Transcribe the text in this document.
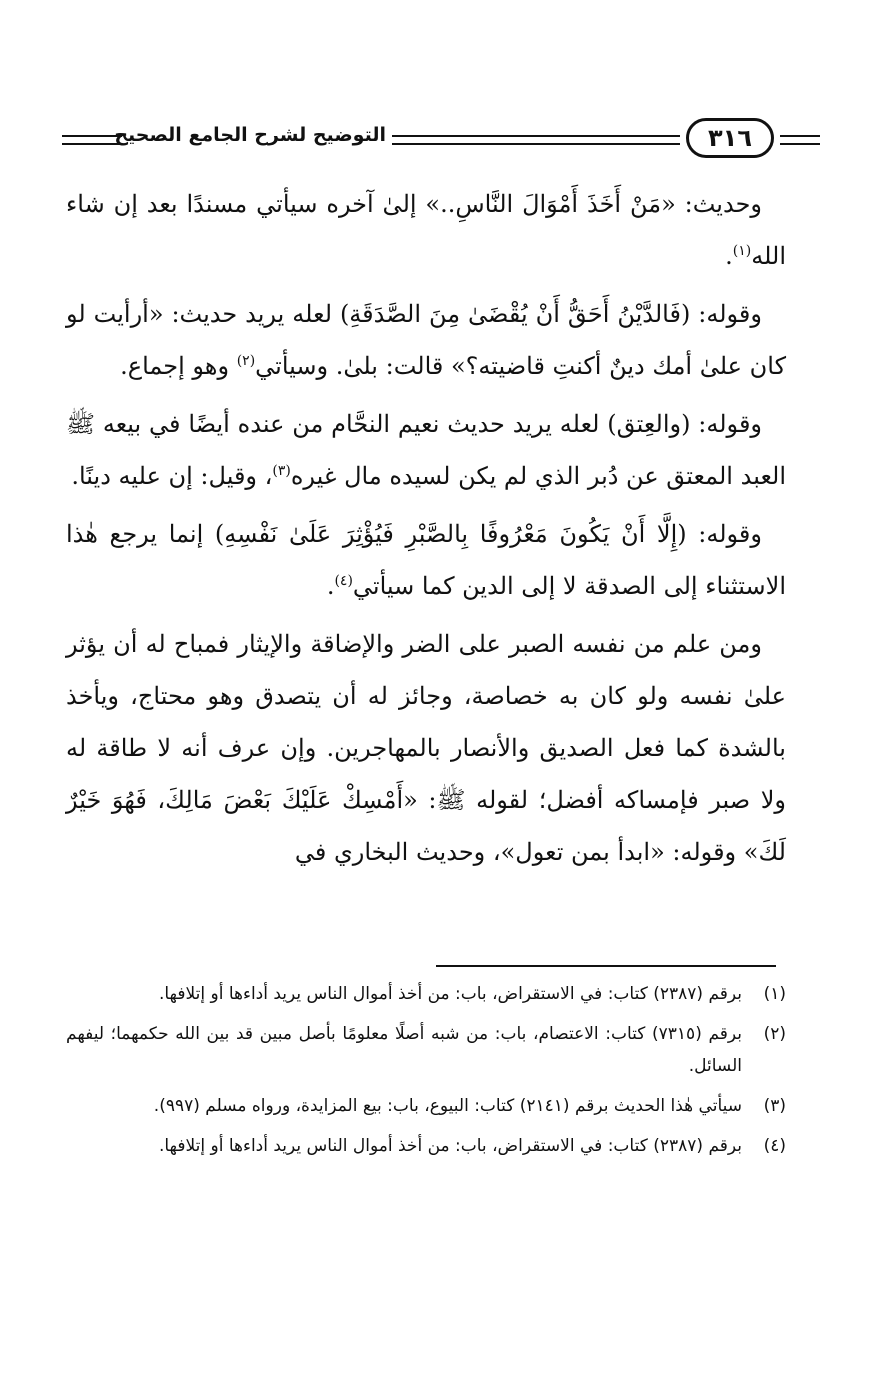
التوضيح لشرح الجامع الصحيح	٣١٦

وحديث: «مَنْ أَخَذَ أَمْوَالَ النَّاسِ..» إلىٰ آخره سيأتي مسندًا بعد إن شاء الله$^{(١)}$.

وقوله: (فَالدَّيْنُ أَحَقُّ أَنْ يُقْضَىٰ مِنَ الصَّدَقَةِ) لعله يريد حديث: «أرأيت لو كان علىٰ أمك دينٌ أكنتِ قاضيته؟» قالت: بلىٰ. وسيأتي$^{(٢)}$ وهو إجماع.

وقوله: (والعِتق) لعله يريد حديث نعيم النحَّام من عنده أيضًا في بيعه ﷺ العبد المعتق عن دُبر الذي لم يكن لسيده مال غيره$^{(٣)}$، وقيل: إن عليه دينًا.

وقوله: (إِلَّا أَنْ يَكُونَ مَعْرُوفًا بِالصَّبْرِ فَيُؤْثِرَ عَلَىٰ نَفْسِهِ) إنما يرجع هٰذا الاستثناء إلى الصدقة لا إلى الدين كما سيأتي$^{(٤)}$.

ومن علم من نفسه الصبر على الضر والإضاقة والإيثار فمباح له أن يؤثر علىٰ نفسه ولو كان به خصاصة، وجائز له أن يتصدق وهو محتاج، ويأخذ بالشدة كما فعل الصديق والأنصار بالمهاجرين. وإن عرف أنه لا طاقة له ولا صبر فإمساكه أفضل؛ لقوله ﷺ: «أَمْسِكْ عَلَيْكَ بَعْضَ مَالِكَ، فَهُوَ خَيْرٌ لَكَ» وقوله: «ابدأ بمن تعول»، وحديث البخاري في

(١)
برقم (٢٣٨٧) كتاب: في الاستقراض، باب: من أخذ أموال الناس يريد أداءها أو إتلافها.
(٢)
برقم (٧٣١٥) كتاب: الاعتصام، باب: من شبه أصلًا معلومًا بأصل مبين قد بين الله حكمهما؛ ليفهم السائل.
(٣)
سيأتي هٰذا الحديث برقم (٢١٤١) كتاب: البيوع، باب: بيع المزايدة، ورواه مسلم (٩٩٧).
(٤)
برقم (٢٣٨٧) كتاب: في الاستقراض، باب: من أخذ أموال الناس يريد أداءها أو إتلافها.
